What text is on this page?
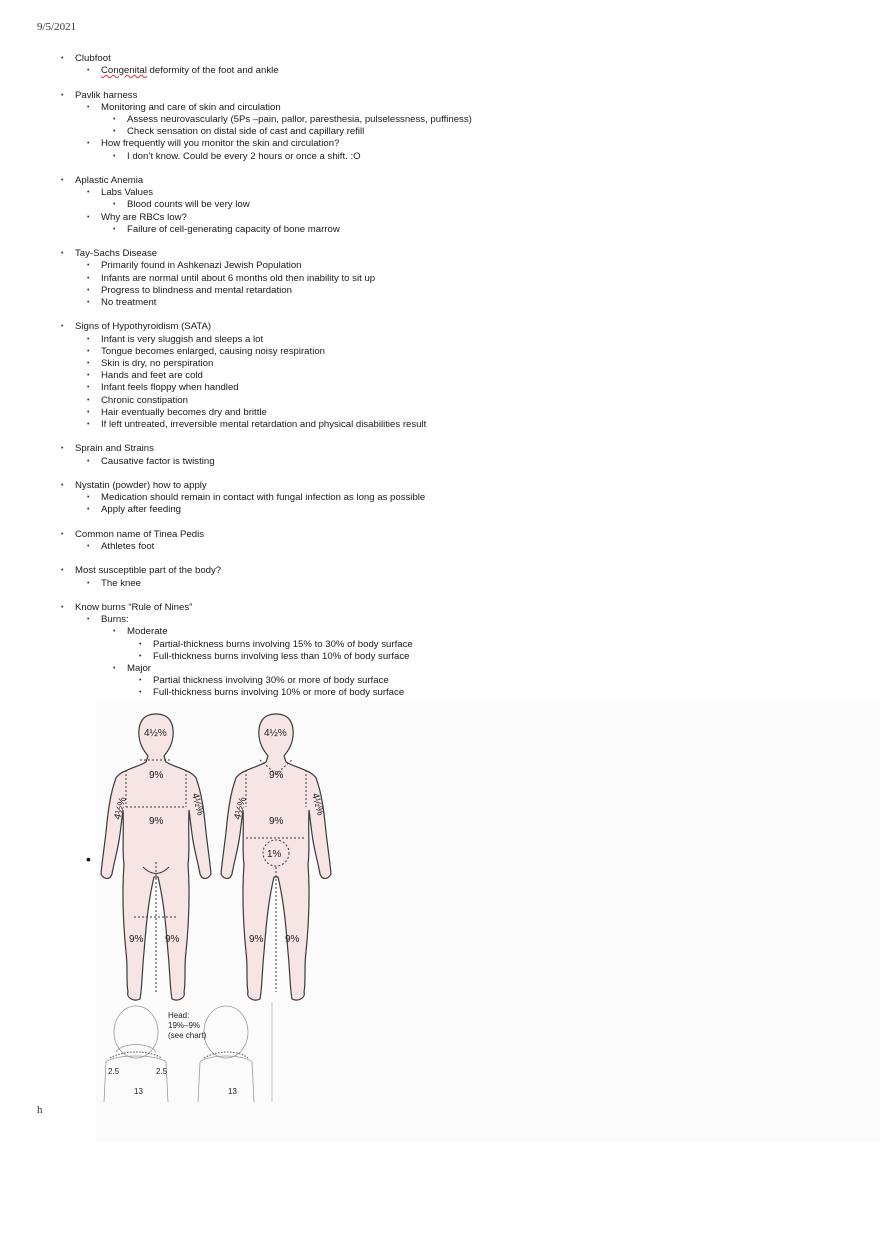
9/5/2021
h
• Clubfoot
• Congenital deformity of the foot and ankle
• Pavlik harness
• Monitoring and care of skin and circulation
• Assess neurovascularly (5Ps –pain, pallor, paresthesia, pulselessness, puffiness)
• Check sensation on distal side of cast and capillary refill
• How frequently will you monitor the skin and circulation?
• I don’t know. Could be every 2 hours or once a shift. :O
• Aplastic Anemia
• Labs Values
• Blood counts will be very low
• Why are RBCs low?
• Failure of cell-generating capacity of bone marrow
• Tay-Sachs Disease
• Primarily found in Ashkenazi Jewish Population
• Infants are normal until about 6 months old then inability to sit up
• Progress to blindness and mental retardation
• No treatment
• Signs of Hypothyroidism (SATA)
• Infant is very sluggish and sleeps a lot
• Tongue becomes enlarged, causing noisy respiration
• Skin is dry, no perspiration
• Hands and feet are cold
• Infant feels floppy when handled
• Chronic constipation
• Hair eventually becomes dry and brittle
• If left untreated, irreversible mental retardation and physical disabilities result
• Sprain and Strains
• Causative factor is twisting
• Nystatin (powder) how to apply
• Medication should remain in contact with fungal infection as long as possible
• Apply after feeding
• Common name of Tinea Pedis
• Athletes foot
• Most susceptible part of the body?
• The knee
• Know burns “Rule of Nines”
• Burns:
• Moderate
• Partial-thickness burns involving 15% to 30% of body surface
• Full-thickness burns involving less than 10% of body surface
• Major
• Partial thickness involving 30% or more of body surface
• Full-thickness burns involving 10% or more of body surface
•
4½%	4½%
9%
9%
9%
9%
4½%	4½%	4½%	4½%
1%
9% 9%	9% 9%
Head:
19%–9%
(see chart)
2.5	2.5
13	13
